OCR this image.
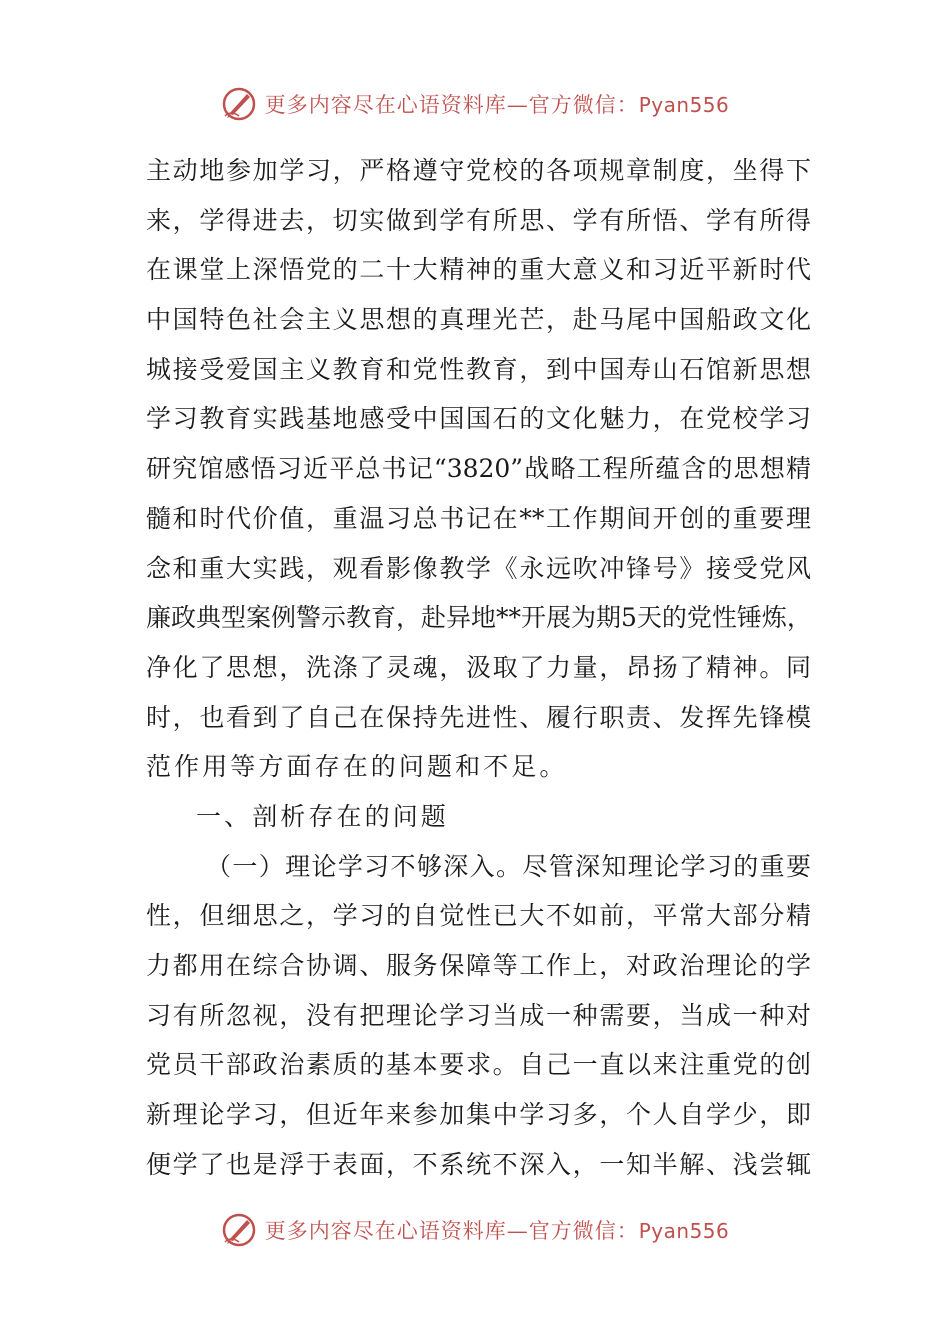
更多内容尽在心语资料库—官方微信：Pyan556
主动地参加学习，严格遵守党校的各项规章制度，坐得下
来，学得进去，切实做到学有所思、学有所悟、学有所得
在课堂上深悟党的二十大精神的重大意义和习近平新时代
中国特色社会主义思想的真理光芒，赴马尾中国船政文化
城接受爱国主义教育和党性教育，到中国寿山石馆新思想
学习教育实践基地感受中国国石的文化魅力，在党校学习
研究馆感悟习近平总书记“3820”战略工程所蕴含的思想精
髓和时代价值，重温习总书记在**工作期间开创的重要理
念和重大实践，观看影像教学《永远吹冲锋号》接受党风
廉政典型案例警示教育，赴异地**开展为期5天的党性锤炼，
净化了思想，洗涤了灵魂，汲取了力量，昂扬了精神。同
时，也看到了自己在保持先进性、履行职责、发挥先锋模
范作用等方面存在的问题和不足。
一、剖析存在的问题
（一）理论学习不够深入。尽管深知理论学习的重要
性，但细思之，学习的自觉性已大不如前，平常大部分精
力都用在综合协调、服务保障等工作上，对政治理论的学
习有所忽视，没有把理论学习当成一种需要，当成一种对
党员干部政治素质的基本要求。自己一直以来注重党的创
新理论学习，但近年来参加集中学习多，个人自学少，即
便学了也是浮于表面，不系统不深入，一知半解、浅尝辄
更多内容尽在心语资料库—官方微信：Pyan556
